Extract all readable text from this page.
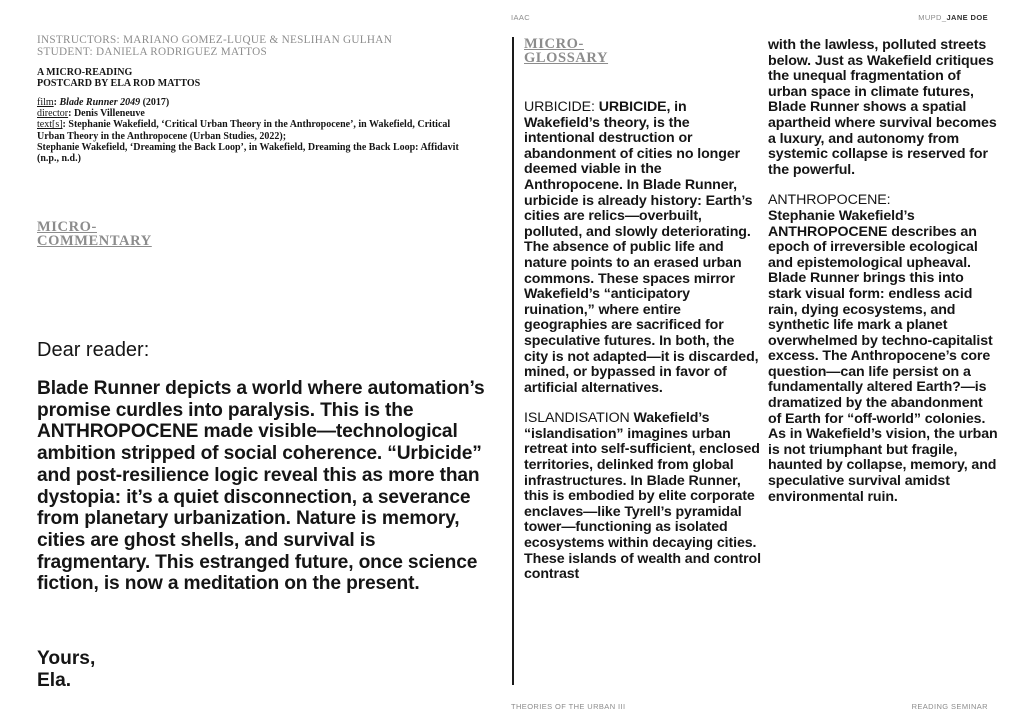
INSTRUCTORS: MARIANO GOMEZ-LUQUE & NESLIHAN GULHAN
STUDENT: DANIELA RODRIGUEZ MATTOS
A MICRO-READING
POSTCARD BY ELA ROD MATTOS
film: Blade Runner 2049 (2017)
director: Denis Villeneuve
text[s]: Stephanie Wakefield, ‘Critical Urban Theory in the Anthropocene’, in Wakefield, Critical Urban Theory in the Anthropocene (Urban Studies, 2022);
Stephanie Wakefield, ‘Dreaming the Back Loop’, in Wakefield, Dreaming the Back Loop: Affidavit (n.p., n.d.)
MICRO-
COMMENTARY
Dear reader:
Blade Runner depicts a world where automation’s promise curdles into paralysis. This is the ANTHROPOCENE made visible—technological ambition stripped of social coherence. “Urbicide” and post-resilience logic reveal this as more than dystopia: it’s a quiet disconnection, a severance from planetary urbanization. Nature is memory, cities are ghost shells, and survival is fragmentary. This estranged future, once science fiction, is now a meditation on the present.
Yours,
Ela.
IAAC	MUPD_JANE DOE
THEORIES OF THE URBAN III	READING SEMINAR
MICRO-
GLOSSARY

URBICIDE: URBICIDE, in Wakefield’s theory, is the intentional destruction or abandonment of cities no longer deemed viable in the Anthropocene. In Blade Runner, urbicide is already history: Earth’s cities are relics—overbuilt, polluted, and slowly deteriorating. The absence of public life and nature points to an erased urban commons. These spaces mirror Wakefield’s “anticipatory ruination,” where entire geographies are sacrificed for speculative futures. In both, the city is not adapted—it is discarded, mined, or bypassed in favor of artificial alternatives.

ISLANDISATION Wakefield’s “islandisation” imagines urban retreat into self-sufficient, enclosed territories, delinked from global infrastructures. In Blade Runner, this is embodied by elite corporate enclaves—like Tyrell’s pyramidal tower—functioning as isolated ecosystems within decaying cities. These islands of wealth and control contrast

with the lawless, polluted streets below. Just as Wakefield critiques the unequal fragmentation of urban space in climate futures, Blade Runner shows a spatial apartheid where survival becomes a luxury, and autonomy from systemic collapse is reserved for the powerful.

ANTHROPOCENE:
Stephanie Wakefield’s ANTHROPOCENE describes an epoch of irreversible ecological and epistemological upheaval. Blade Runner brings this into stark visual form: endless acid rain, dying ecosystems, and synthetic life mark a planet overwhelmed by techno-capitalist excess. The Anthropocene’s core question—can life persist on a fundamentally altered Earth?—is dramatized by the abandonment of Earth for “off-world” colonies. As in Wakefield’s vision, the urban is not triumphant but fragile, haunted by collapse, memory, and speculative survival amidst environmental ruin.
